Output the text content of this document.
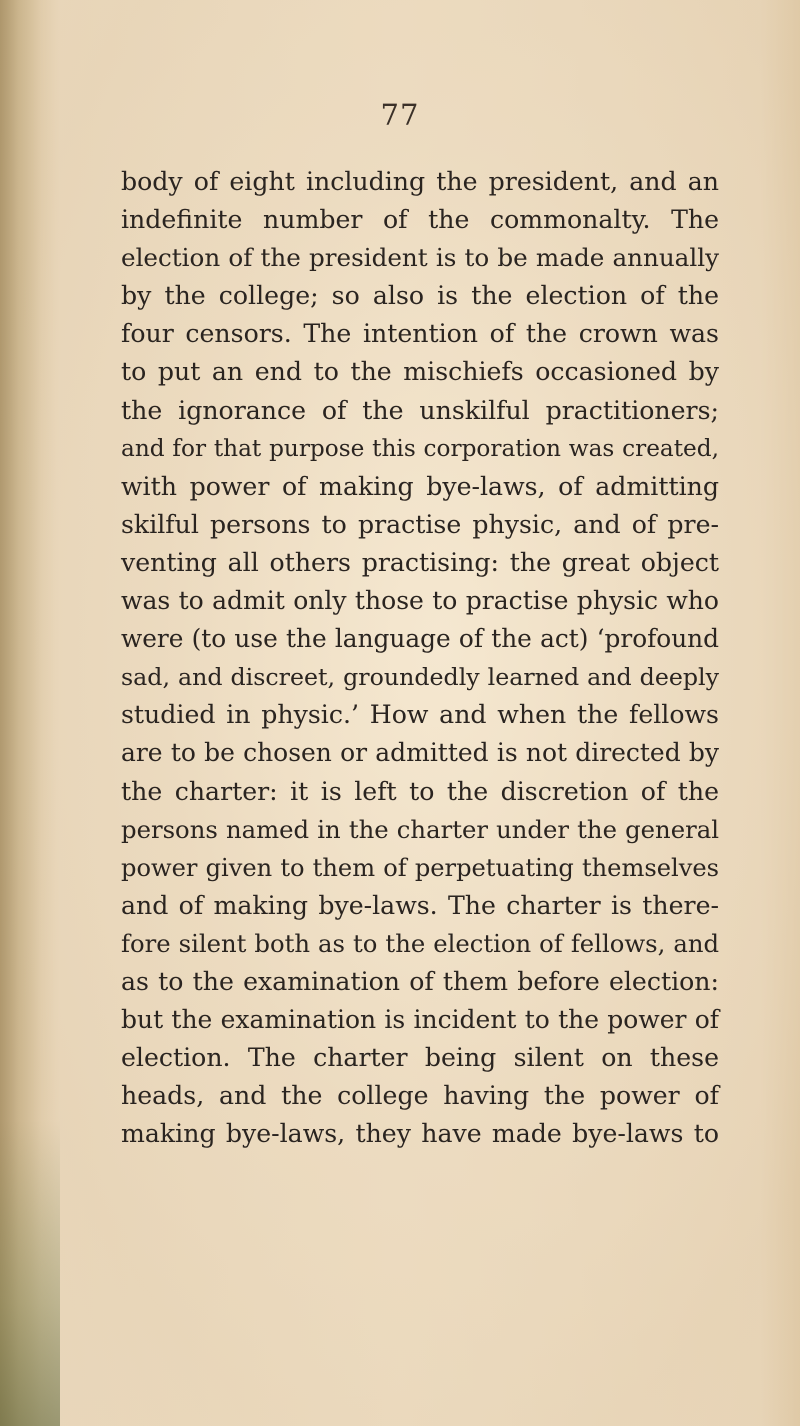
77
body of eight including the president, and an
indefinite number of the commonalty. The
election of the president is to be made annually
by the college; so also is the election of the
four censors. The intention of the crown was
to put an end to the mischiefs occasioned by
the ignorance of the unskilful practitioners;
and for that purpose this corporation was created,
with power of making bye-laws, of admitting
skilful persons to practise physic, and of pre-
venting all others practising: the great object
was to admit only those to practise physic who
were (to use the language of the act) ‘profound
sad, and discreet, groundedly learned and deeply
studied in physic.’ How and when the fellows
are to be chosen or admitted is not directed by
the charter: it is left to the discretion of the
persons named in the charter under the general
power given to them of perpetuating themselves
and of making bye-laws. The charter is there-
fore silent both as to the election of fellows, and
as to the examination of them before election:
but the examination is incident to the power of
election. The charter being silent on these
heads, and the college having the power of
making bye-laws, they have made bye-laws to
